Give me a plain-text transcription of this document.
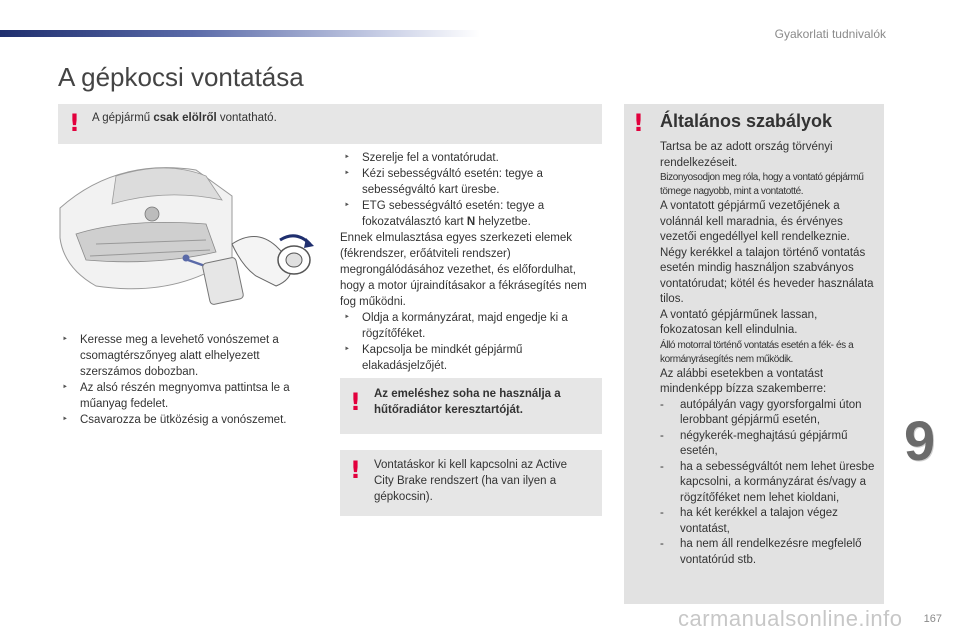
Gyakorlati tudnivalók
A gépkocsi vontatása
! A gépjármű csak elölről vontatható.
‣ Keresse meg a levehető vonószemet a csomagtérszőnyeg alatt elhelyezett szerszámos dobozban.
‣ Az alsó részén megnyomva pattintsa le a műanyag fedelet.
‣ Csavarozza be ütközésig a vonószemet.
‣ Szerelje fel a vontatórudat.
‣ Kézi sebességváltó esetén: tegye a sebességváltó kart üresbe.
‣ ETG sebességváltó esetén: tegye a fokozatválasztó kart N helyzetbe.

Ennek elmulasztása egyes szerkezeti elemek (fékrendszer, erőátviteli rendszer) megrongálódásához vezethet, és előfordulhat, hogy a motor újraindításakor a fékrásegítés nem fog működni.

‣ Oldja a kormányzárat, majd engedje ki a rögzítőféket.
‣ Kapcsolja be mindkét gépjármű elakadásjelzőjét.
! Az emeléshez soha ne használja a hűtőradiátor keresztartóját.
! Vontatáskor ki kell kapcsolni az Active City Brake rendszert (ha van ilyen a gépkocsin).
! Általános szabályok

Tartsa be az adott ország törvényi rendelkezéseit.

Bizonyosodjon meg róla, hogy a vontató gépjármű tömege nagyobb, mint a vontatotté.

A vontatott gépjármű vezetőjének a volánnál kell maradnia, és érvényes vezetői engedéllyel kell rendelkeznie.

Négy kerékkel a talajon történő vontatás esetén mindig használjon szabványos vontatórudat; kötél és heveder használata tilos.

A vontató gépjárműnek lassan, fokozatosan kell elindulnia.

Álló motorral történő vontatás esetén a fék- és a kormányrásegítés nem működik.

Az alábbi esetekben a vontatást mindenképp bízza szakemberre:

- autópályán vagy gyorsforgalmi úton lerobbant gépjármű esetén,
- négykerék-meghajtású gépjármű esetén,
- ha a sebességváltót nem lehet üresbe kapcsolni, a kormányzárat és/vagy a rögzítőféket nem lehet kioldani,
- ha két kerékkel a talajon végez vontatást,
- ha nem áll rendelkezésre megfelelő vontatórúd stb.
9
carmanualsonline.info 167
